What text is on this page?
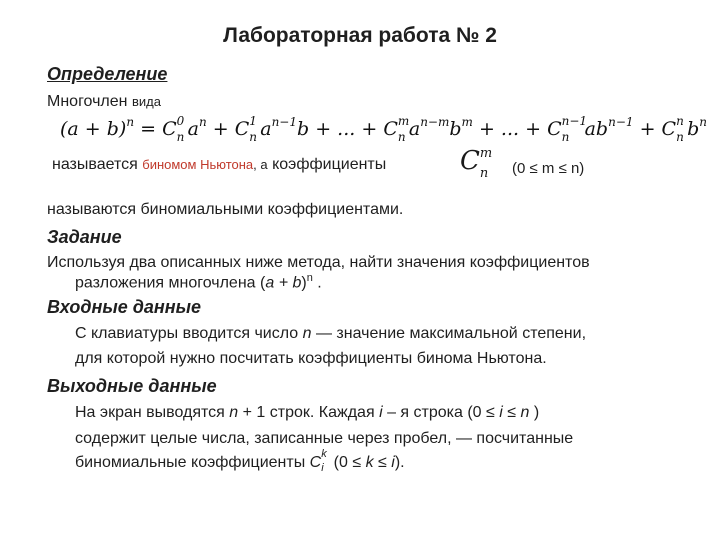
Лабораторная работа № 2
Определение
Многочлен вида
$(a + b)^n = C$ 0
n $a^n + C$ 1
n $a^{n-1}b$ + ... + C m
n $a^{n-m}b^m$ + ... + C n−1
n $ab^{n-1} + C$ n
n $b^n$
называется биномом Ньютона, а коэффициенты	C m
n (0 ≤ m ≤ n)
называются биномиальными коэффициентами.
Задание
Используя два описанных ниже метода, найти значения коэффициентов
разложения многочлена $(a + b)^n$ .
Входные данные
С клавиатуры вводится число n — значение максимальной степени,
для которой нужно посчитать коэффициенты бинома Ньютона.
Выходные данные
На экран выводятся n + 1 строк. Каждая i – я строка (0 ≤ i ≤ n )
содержит целые числа, записанные через пробел, — посчитанные
биномиальные коэффициенты C
k
i (0 ≤ k ≤ i).
